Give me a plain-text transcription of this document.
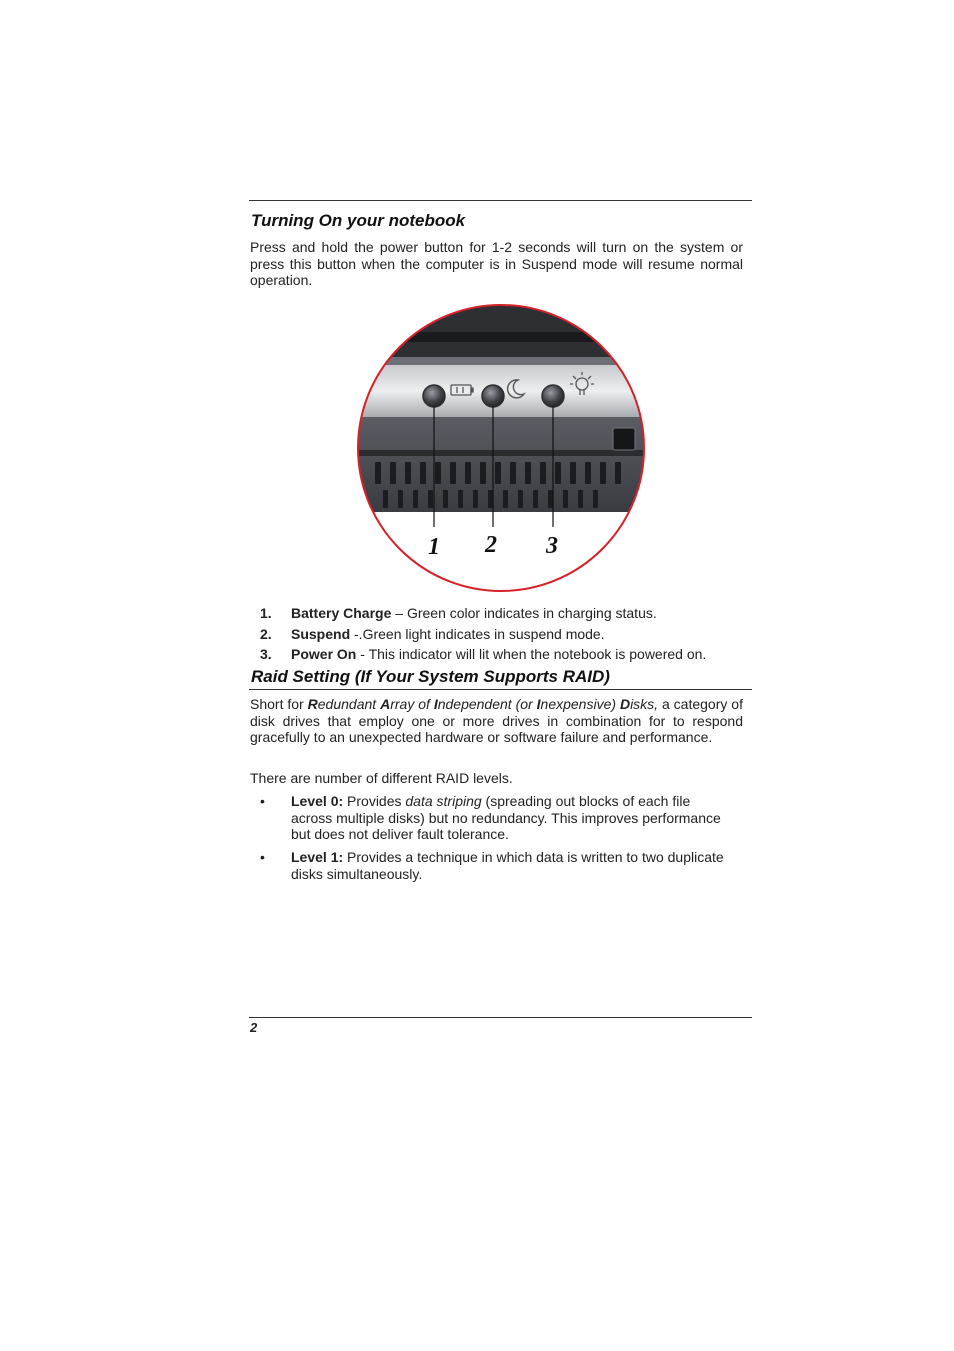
Turning On your notebook
Press and hold the power button for 1-2 seconds will turn on the system or press this button when the computer is in Suspend mode will resume normal operation.
1 2 3
1. Battery Charge – Green color indicates in charging status.
2. Suspend -.Green light indicates in suspend mode.
3. Power On - This indicator will lit when the notebook is powered on.
Raid Setting (If Your System Supports RAID)
Short for Redundant Array of Independent (or Inexpensive) Disks, a category of disk drives that employ one or more drives in combination for to respond gracefully to an unexpected hardware or software failure and performance.
There are number of different RAID levels.
• Level 0: Provides data striping (spreading out blocks of each file across multiple disks) but no redundancy. This improves performance but does not deliver fault tolerance.
• Level 1: Provides a technique in which data is written to two duplicate disks simultaneously.
2
